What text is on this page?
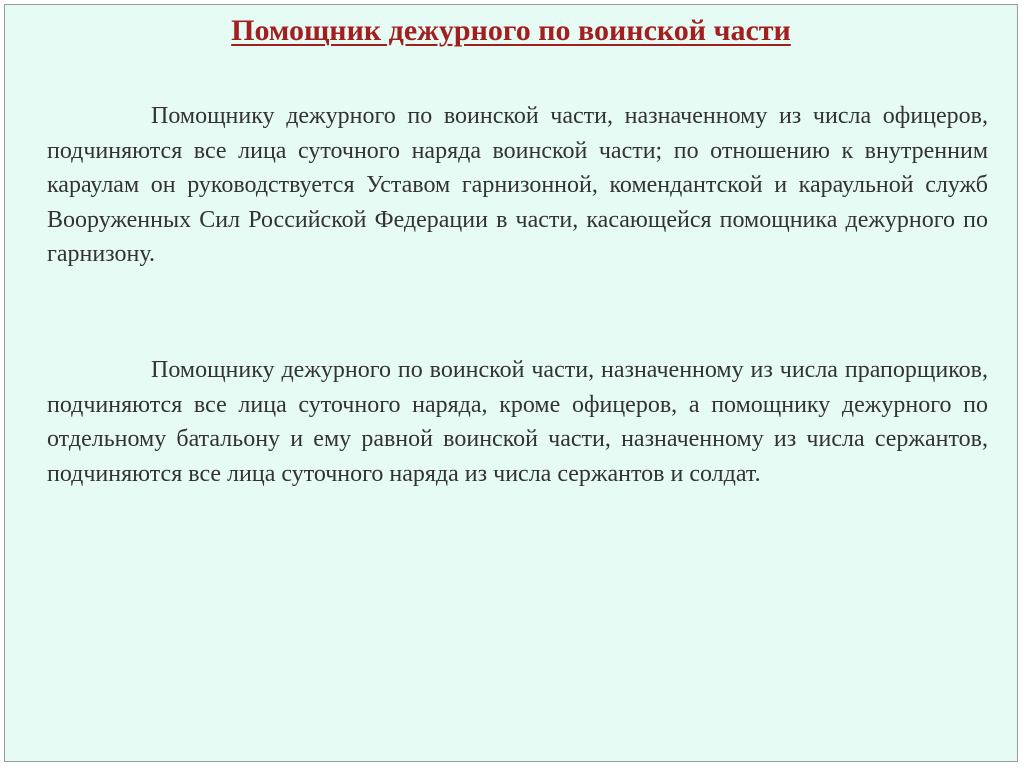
Помощник дежурного по воинской части

Помощнику дежурного по воинской части, назначенному из числа офицеров, подчиняются все лица суточного наряда воинской части; по отношению к внутренним караулам он руководствуется Уставом гарнизонной, комендантской и караульной служб Вооруженных Сил Российской Федерации в части, касающейся помощника дежурного по гарнизону.

Помощнику дежурного по воинской части, назначенному из числа прапорщиков, подчиняются все лица суточного наряда, кроме офицеров, а помощнику дежурного по отдельному батальону и ему равной воинской части, назначенному из числа сержантов, подчиняются все лица суточного наряда из числа сержантов и солдат.
